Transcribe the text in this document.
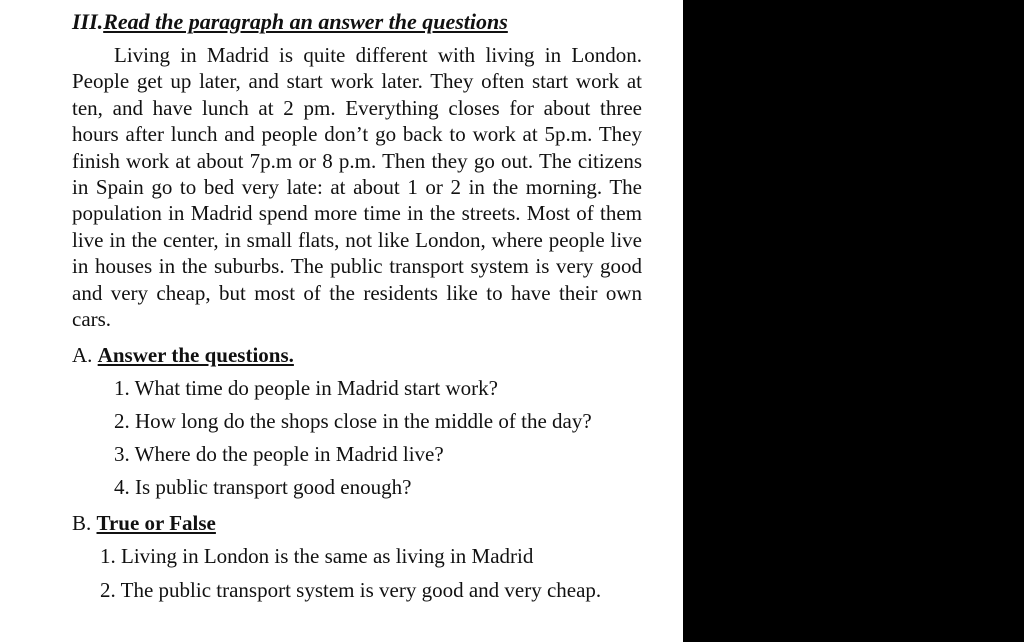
III.Read the paragraph an answer the questions
Living in Madrid is quite different with living in London. People get up later, and start work later. They often start work at ten, and have lunch at 2 pm. Everything closes for about three hours after lunch and people don’t go back to work at 5p.m. They finish work at about 7p.m or 8 p.m. Then they go out. The citizens in Spain go to bed very late: at about 1 or 2 in the morning. The population in Madrid spend more time in the streets. Most of them live in the center, in small flats, not like London, where people live in houses in the suburbs. The public transport system is very good and very cheap, but most of the residents like to have their own cars.
A. Answer the questions.
1. What time do people in Madrid start work?
2. How long do the shops close in the middle of the day?
3. Where do the people in Madrid live?
4. Is public transport good enough?
B. True or False
1. Living in London is the same as living in Madrid
2. The public transport system is very good and very cheap.
